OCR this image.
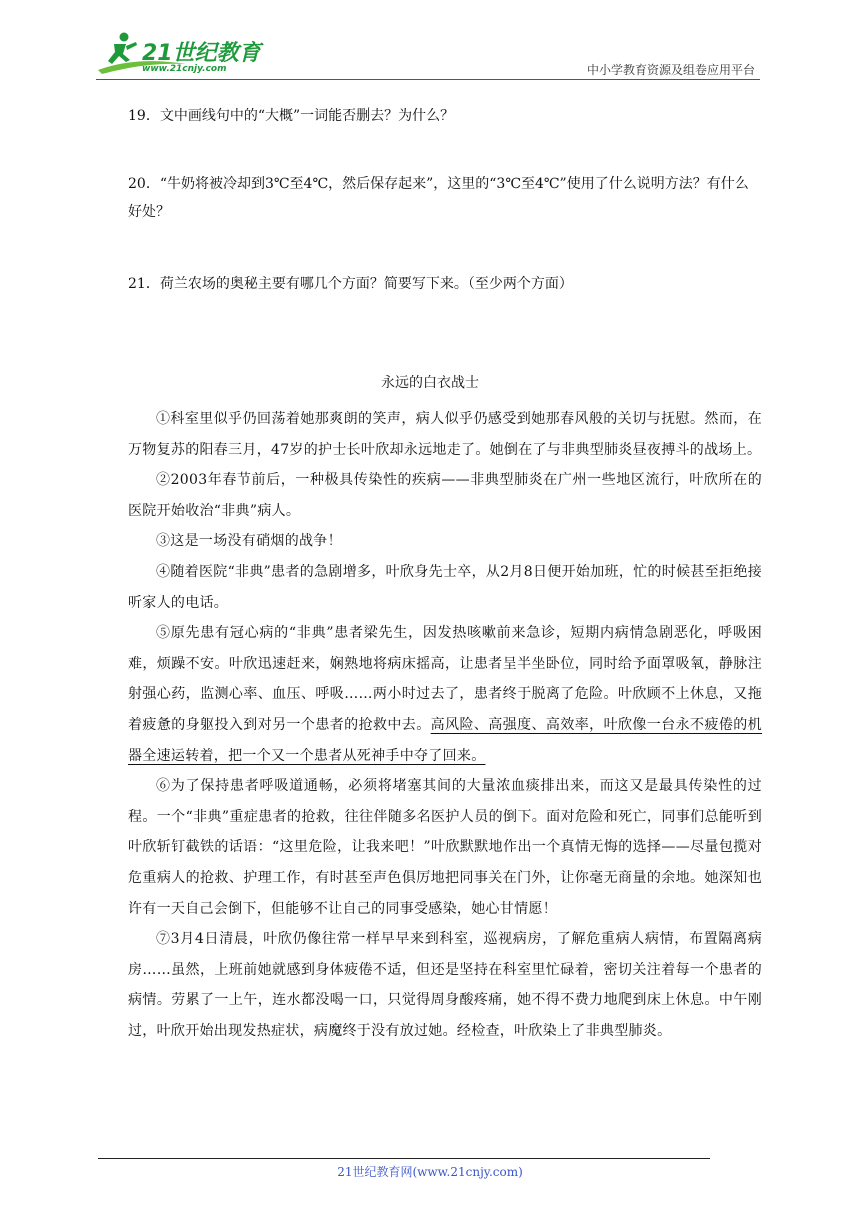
21世纪教育
www.21cnjy.com	中小学教育资源及组卷应用平台
19．文中画线句中的“大概”一词能否删去？为什么？
20．“牛奶将被冷却到3℃至4℃，然后保存起来”，这里的“3℃至4℃”使用了什么说明方法？有什么好处？
21．荷兰农场的奥秘主要有哪几个方面？简要写下来。（至少两个方面）
永远的白衣战士

①科室里似乎仍回荡着她那爽朗的笑声，病人似乎仍感受到她那春风般的关切与抚慰。然而，在万物复苏的阳春三月，47岁的护士长叶欣却永远地走了。她倒在了与非典型肺炎昼夜搏斗的战场上。

②2003年春节前后，一种极具传染性的疾病——非典型肺炎在广州一些地区流行，叶欣所在的医院开始收治“非典”病人。

③这是一场没有硝烟的战争！

④随着医院“非典”患者的急剧增多，叶欣身先士卒，从2月8日便开始加班，忙的时候甚至拒绝接听家人的电话。

⑤原先患有冠心病的“非典”患者梁先生，因发热咳嗽前来急诊，短期内病情急剧恶化，呼吸困难，烦躁不安。叶欣迅速赶来，娴熟地将病床摇高，让患者呈半坐卧位，同时给予面罩吸氧，静脉注射强心药，监测心率、血压、呼吸……两小时过去了，患者终于脱离了危险。叶欣顾不上休息，又拖着疲惫的身躯投入到对另一个患者的抢救中去。高风险、高强度、高效率，叶欣像一台永不疲倦的机器全速运转着，把一个又一个患者从死神手中夺了回来。

⑥为了保持患者呼吸道通畅，必须将堵塞其间的大量浓血痰排出来，而这又是最具传染性的过程。一个“非典”重症患者的抢救，往往伴随多名医护人员的倒下。面对危险和死亡，同事们总能听到叶欣斩钉截铁的话语：“这里危险，让我来吧！”叶欣默默地作出一个真情无悔的选择——尽量包揽对危重病人的抢救、护理工作，有时甚至声色俱厉地把同事关在门外，让你毫无商量的余地。她深知也许有一天自己会倒下，但能够不让自己的同事受感染，她心甘情愿！

⑦3月4日清晨，叶欣仍像往常一样早早来到科室，巡视病房，了解危重病人病情，布置隔离病房……虽然，上班前她就感到身体疲倦不适，但还是坚持在科室里忙碌着，密切关注着每一个患者的病情。劳累了一上午，连水都没喝一口，只觉得周身酸疼痛，她不得不费力地爬到床上休息。中午刚过，叶欣开始出现发热症状，病魔终于没有放过她。经检查，叶欣染上了非典型肺炎。

21世纪教育网(www.21cnjy.com)
